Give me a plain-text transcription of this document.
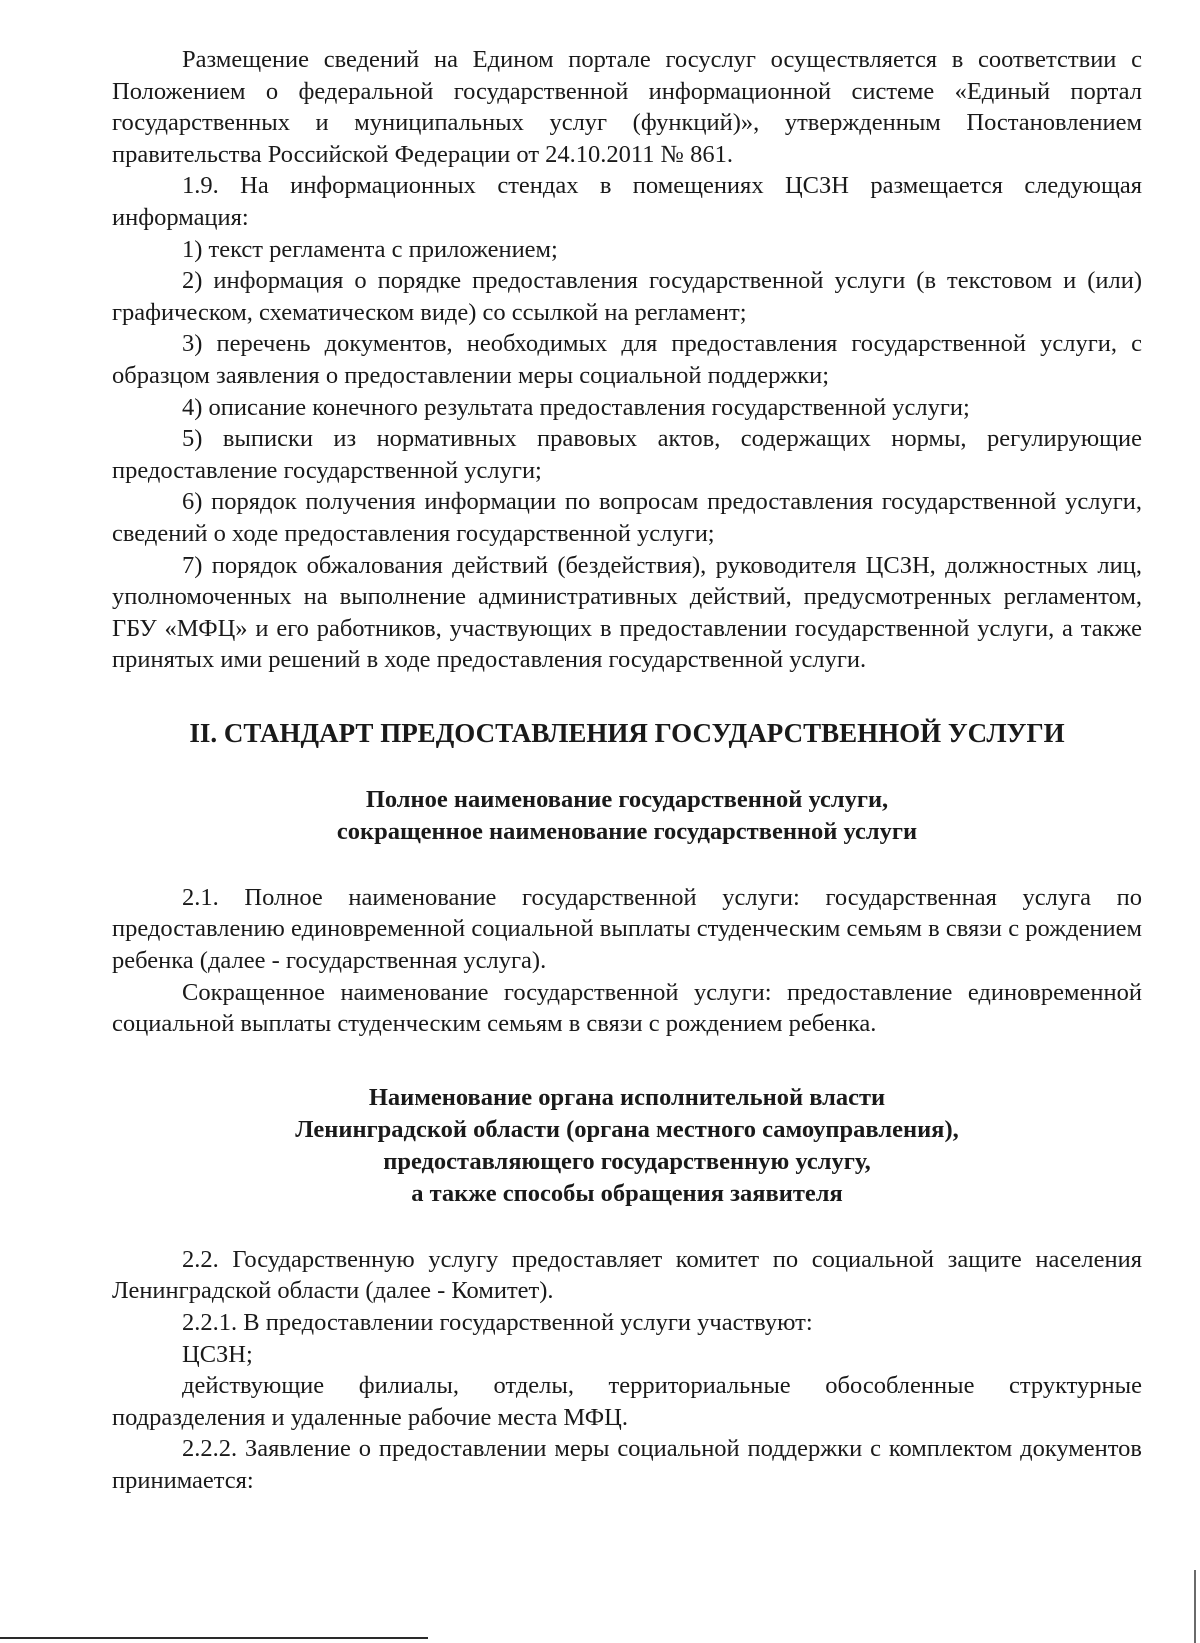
Размещение сведений на Едином портале госуслуг осуществляется в соответствии с Положением о федеральной государственной информационной системе «Единый портал государственных и муниципальных услуг (функций)», утвержденным Постановлением правительства Российской Федерации от 24.10.2011 № 861.

1.9. На информационных стендах в помещениях ЦСЗН размещается следующая информация:

1) текст регламента с приложением;

2) информация о порядке предоставления государственной услуги (в текстовом и (или) графическом, схематическом виде) со ссылкой на регламент;

3) перечень документов, необходимых для предоставления государственной услуги, с образцом заявления о предоставлении меры социальной поддержки;

4) описание конечного результата предоставления государственной услуги;

5) выписки из нормативных правовых актов, содержащих нормы, регулирующие предоставление государственной услуги;

6) порядок получения информации по вопросам предоставления государственной услуги, сведений о ходе предоставления государственной услуги;

7) порядок обжалования действий (бездействия), руководителя ЦСЗН, должностных лиц, уполномоченных на выполнение административных действий, предусмотренных регламентом, ГБУ «МФЦ» и его работников, участвующих в предоставлении государственной услуги, а также принятых ими решений в ходе предоставления государственной услуги.

II. СТАНДАРТ ПРЕДОСТАВЛЕНИЯ ГОСУДАРСТВЕННОЙ УСЛУГИ
Полное наименование государственной услуги,
сокращенное наименование государственной услуги

2.1. Полное наименование государственной услуги: государственная услуга по предоставлению единовременной социальной выплаты студенческим семьям в связи с рождением ребенка (далее - государственная услуга).

Сокращенное наименование государственной услуги: предоставление единовременной социальной выплаты студенческим семьям в связи с рождением ребенка.

Наименование органа исполнительной власти
Ленинградской области (органа местного самоуправления),
предоставляющего государственную услугу,
а также способы обращения заявителя

2.2. Государственную услугу предоставляет комитет по социальной защите населения Ленинградской области (далее - Комитет).

2.2.1. В предоставлении государственной услуги участвуют:

ЦСЗН;

действующие филиалы, отделы, территориальные обособленные структурные подразделения и удаленные рабочие места МФЦ.

2.2.2. Заявление о предоставлении меры социальной поддержки с комплектом документов принимается:
